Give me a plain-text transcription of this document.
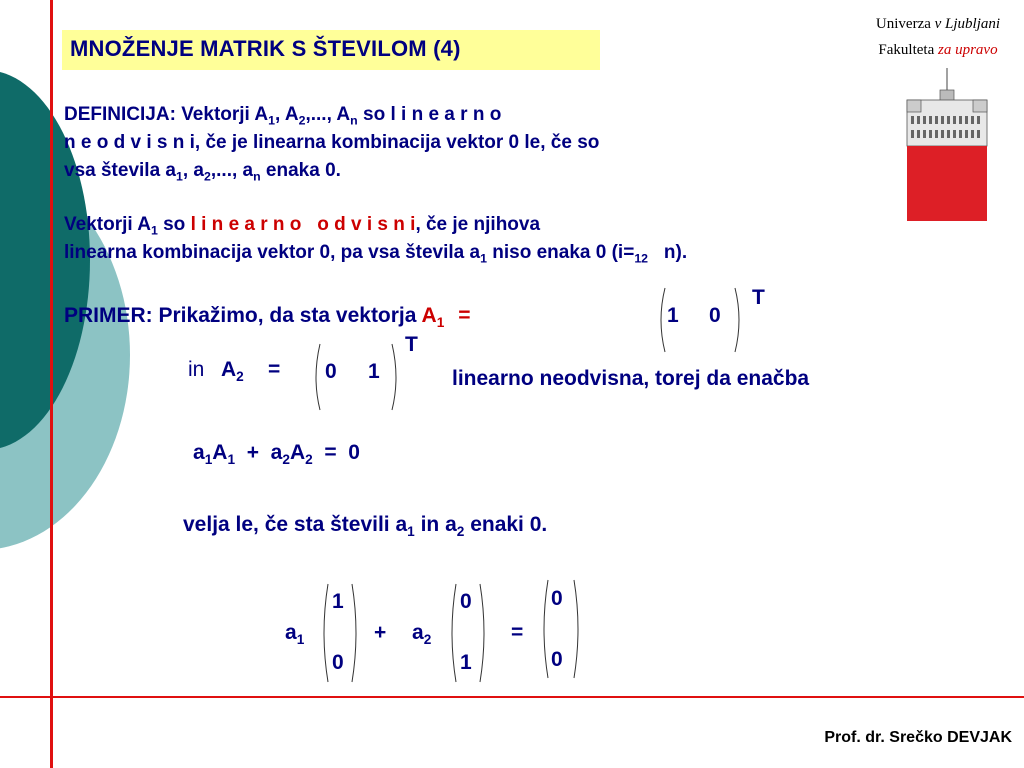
MNOŽENJE MATRIK S ŠTEVILOM (4)
Univerza v Ljubljani
Fakulteta za upravo
DEFINICIJA: Vektorji $A_1$, $A_2$,..., $A_n$ so l i n e a r n o
n e o d v i s n i, če je linearna kombinacija vektor 0 le, če so
vsa števila $a_1$, $a_2$,..., $a_n$ enaka 0.
Vektorji $A_1$ so l i n e a r n o   o d v i s n i, če je njihova
linearna kombinacija vektor 0, pa vsa števila $a_1$ niso enaka 0 ($i=_{12}$   n).
PRIMER: Prikažimo, da sta vektorja $A_1$ =	1 0
T
in $A_2 = 0$ 1
T
linearno neodvisna, torej da enačba
$a_1A_1 + a_2A_2 = 0$
velja le, če sta števili $a_1$ in $a_2$ enaki 0.
$a_1$
1
0
+ $a_2$
0
1
=
0
0
Prof. dr. Srečko DEVJAK
